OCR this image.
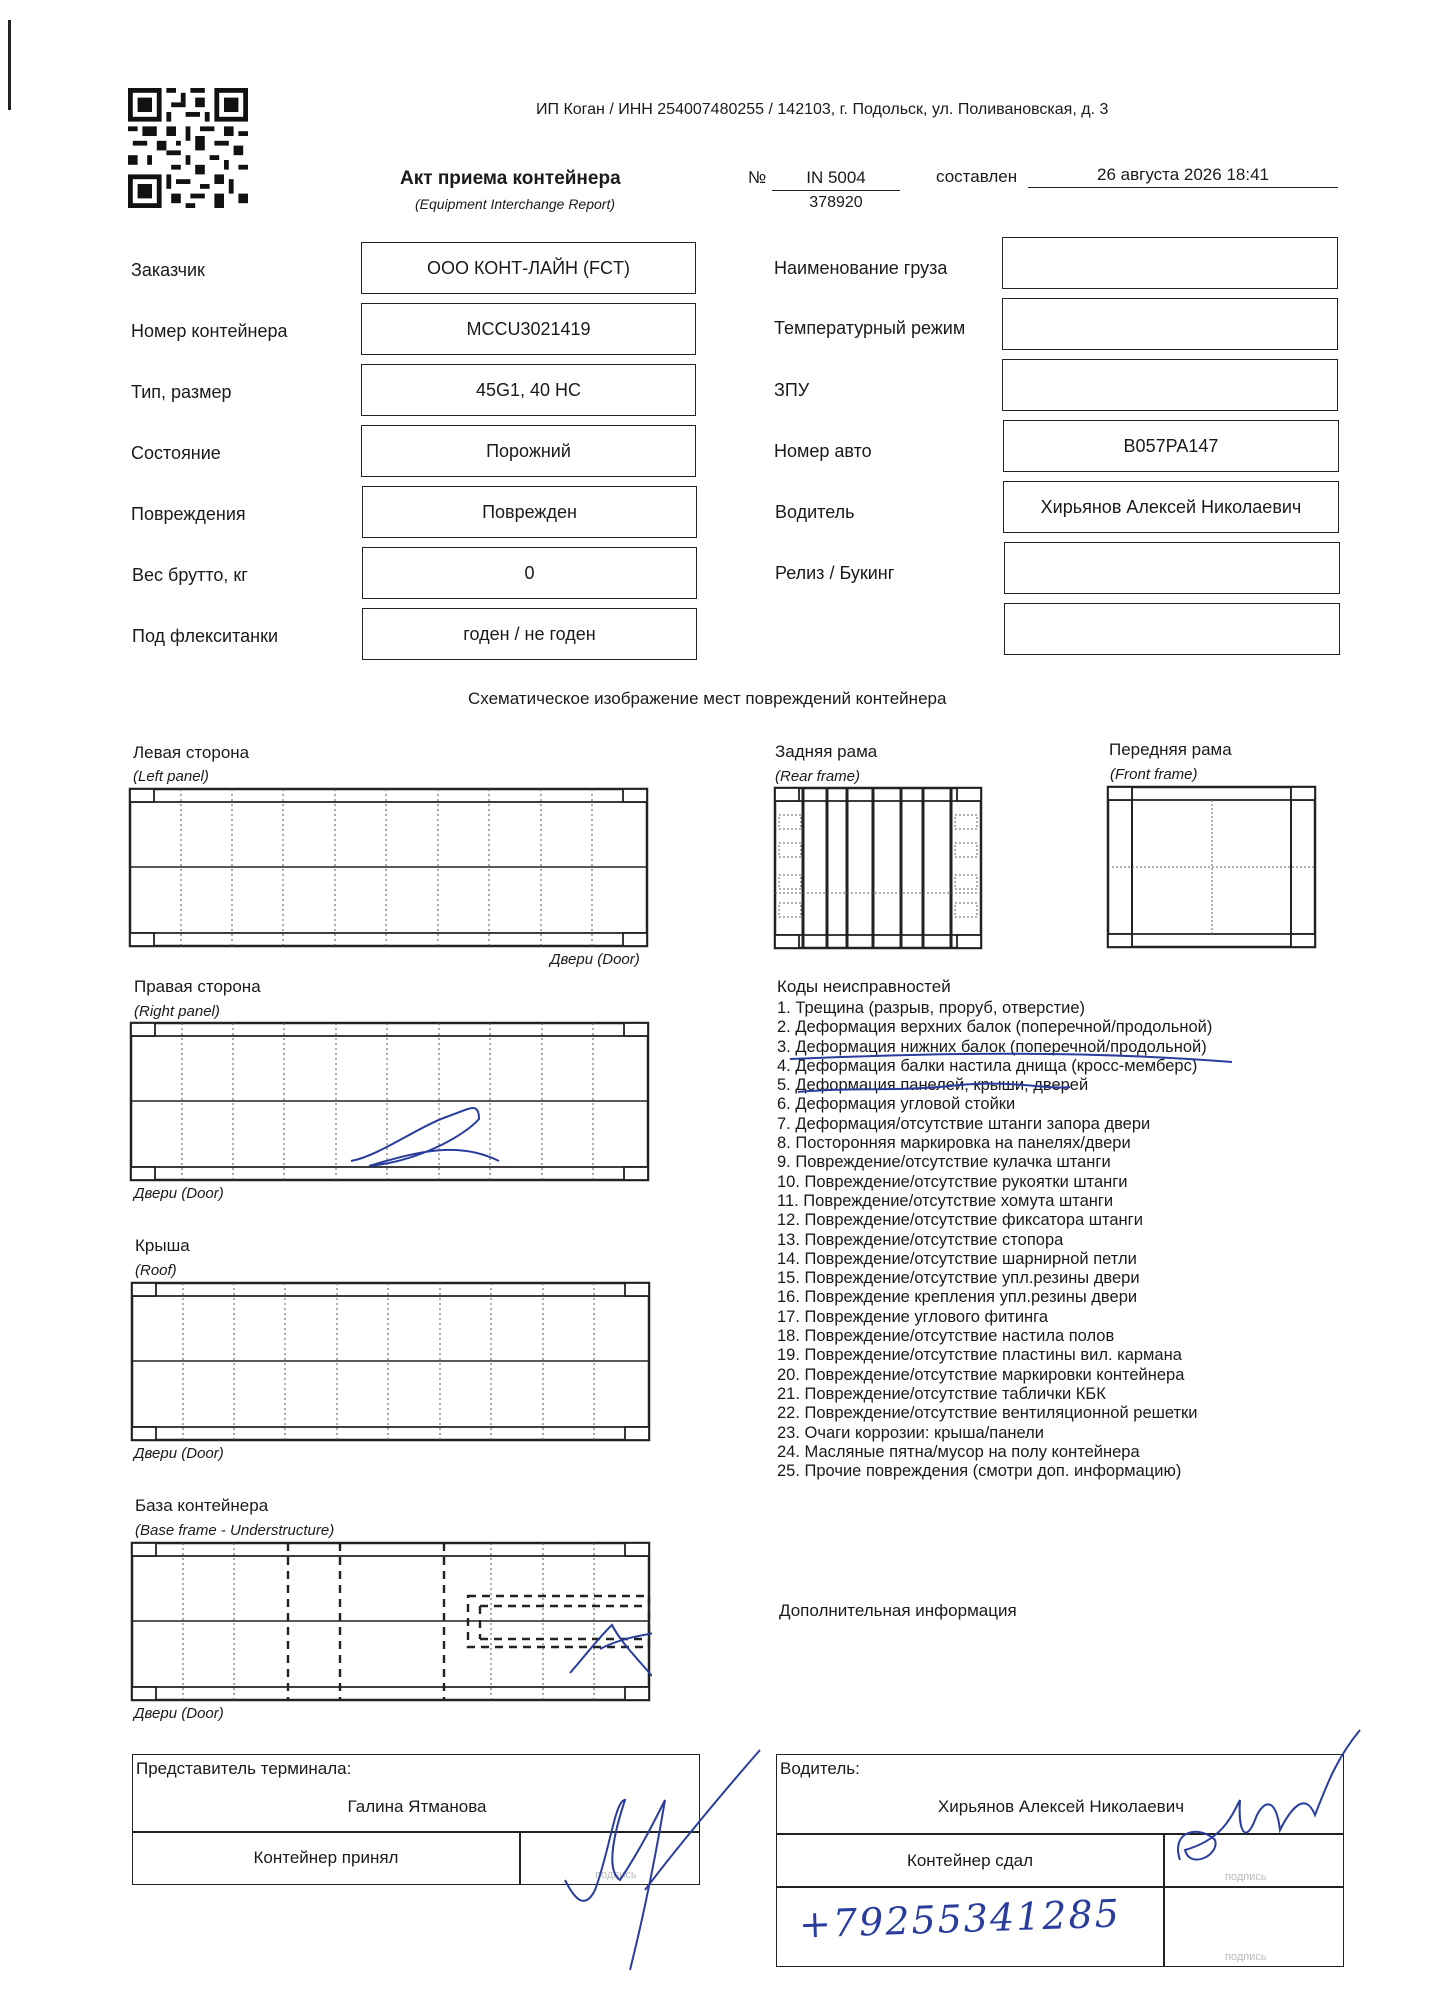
ИП Коган / ИНН 254007480255 / 142103, г. Подольск, ул. Поливановская, д. 3
Акт приема контейнера
(Equipment Interchange Report)
№	IN 5004
378920
составлен	26 августа 2026 18:41
Заказчик	ООО КОНТ-ЛАЙН (FCT)
Номер контейнера	MCCU3021419
Тип, размер	45G1, 40 HC
Состояние	Порожний
Повреждения	Поврежден
Вес брутто, кг	0
Под флекситанки	годен / не годен
Наименование груза
Температурный режим
ЗПУ
Номер авто	В057РА147
Водитель	Хирьянов Алексей Николаевич
Релиз / Букинг
Схематическое изображение мест повреждений контейнера
Левая сторона
(Left panel)
Двери (Door)
Правая сторона
(Right panel)
Двери (Door)
Крыша
(Roof)
Двери (Door)
База контейнера
(Base frame - Understructure)
Двери (Door)
Задняя рама
(Rear frame)
Передняя рама
(Front frame)
Коды неисправностей
1. Трещина (разрыв, проруб, отверстие)
2. Деформация верхних балок (поперечной/продольной)
3. Деформация нижних балок (поперечной/продольной)
4. Деформация балки настила днища (кросс-мемберс)
5. Деформация панелей, крыши, дверей
6. Деформация угловой стойки
7. Деформация/отсутствие штанги запора двери
8. Посторонняя маркировка на панелях/двери
9. Повреждение/отсутствие кулачка штанги
10. Повреждение/отсутствие рукоятки штанги
11. Повреждение/отсутствие хомута штанги
12. Повреждение/отсутствие фиксатора штанги
13. Повреждение/отсутствие стопора
14. Повреждение/отсутствие шарнирной петли
15. Повреждение/отсутствие упл.резины двери
16. Повреждение крепления упл.резины двери
17. Повреждение углового фитинга
18. Повреждение/отсутствие настила полов
19. Повреждение/отсутствие пластины вил. кармана
20. Повреждение/отсутствие маркировки контейнера
21. Повреждение/отсутствие таблички КБК
22. Повреждение/отсутствие вентиляционной решетки
23. Очаги коррозии: крыша/панели
24. Масляные пятна/мусор на полу контейнера
25. Прочие повреждения (смотри доп. информацию)
Дополнительная информация
Представитель терминала:
Галина Ятманова
Контейнер принял
подпись
Водитель:
Хирьянов Алексей Николаевич
Контейнер сдал
подпись
подпись
+79255341285
